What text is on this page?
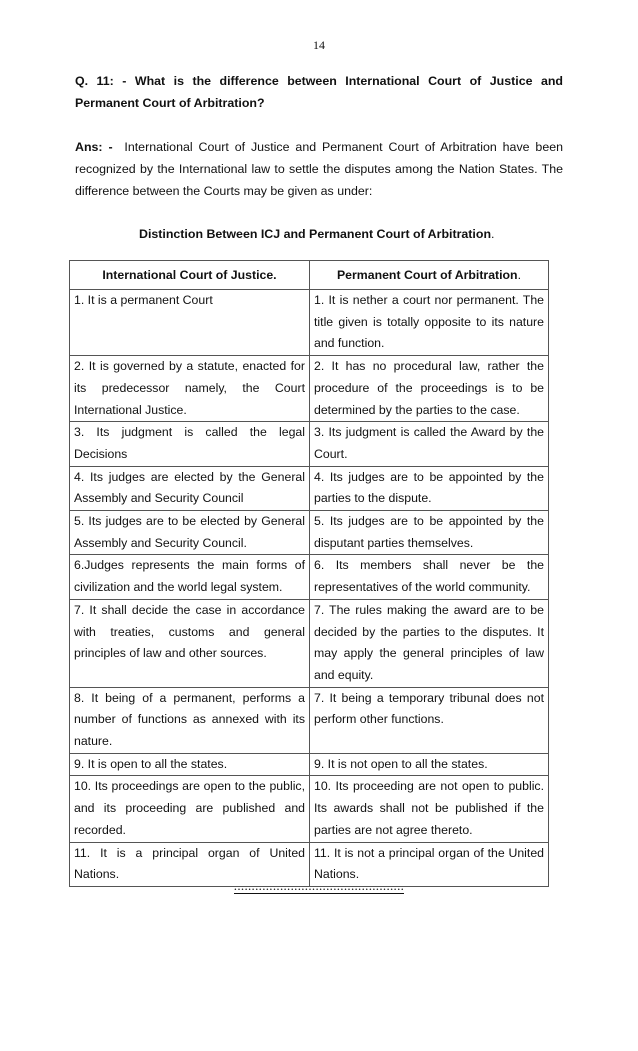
14
Q. 11: - What is the difference between International Court of Justice and Permanent Court of Arbitration?
Ans: - International Court of Justice and Permanent Court of Arbitration have been recognized by the International law to settle the disputes among the Nation States. The difference between the Courts may be given as under:
Distinction Between ICJ and Permanent Court of Arbitration.
International Court of Justice.	Permanent Court of Arbitration.
1. It is a permanent Court	1. It is nether a court nor permanent. The title given is totally opposite to its nature and function.
2. It is governed by a statute, enacted for its predecessor namely, the Court International Justice.	2. It has no procedural law, rather the procedure of the proceedings is to be determined by the parties to the case.
3. Its judgment is called the legal Decisions	3. Its judgment is called the Award by the Court.
4. Its judges are elected by the General Assembly and Security Council	4. Its judges are to be appointed by the parties to the dispute.
5. Its judges are to be elected by General Assembly and Security Council.	5. Its judges are to be appointed by the disputant parties themselves.
6.Judges represents the main forms of civilization and the world legal system.	6. Its members shall never be the representatives of the world community.
7. It shall decide the case in accordance with treaties, customs and general principles of law and other sources.	7. The rules making the award are to be decided by the parties to the disputes. It may apply the general principles of law and equity.
8. It being of a permanent, performs a number of functions as annexed with its nature.	7. It being a temporary tribunal does not perform other functions.
9. It is open to all the states.	9. It is not open to all the states.
10. Its proceedings are open to the public, and its proceeding are published and recorded.	10. Its proceeding are not open to public. Its awards shall not be published if the parties are not agree thereto.
11. It is a principal organ of United Nations.	11. It is not a principal organ of the United Nations.
................................................
